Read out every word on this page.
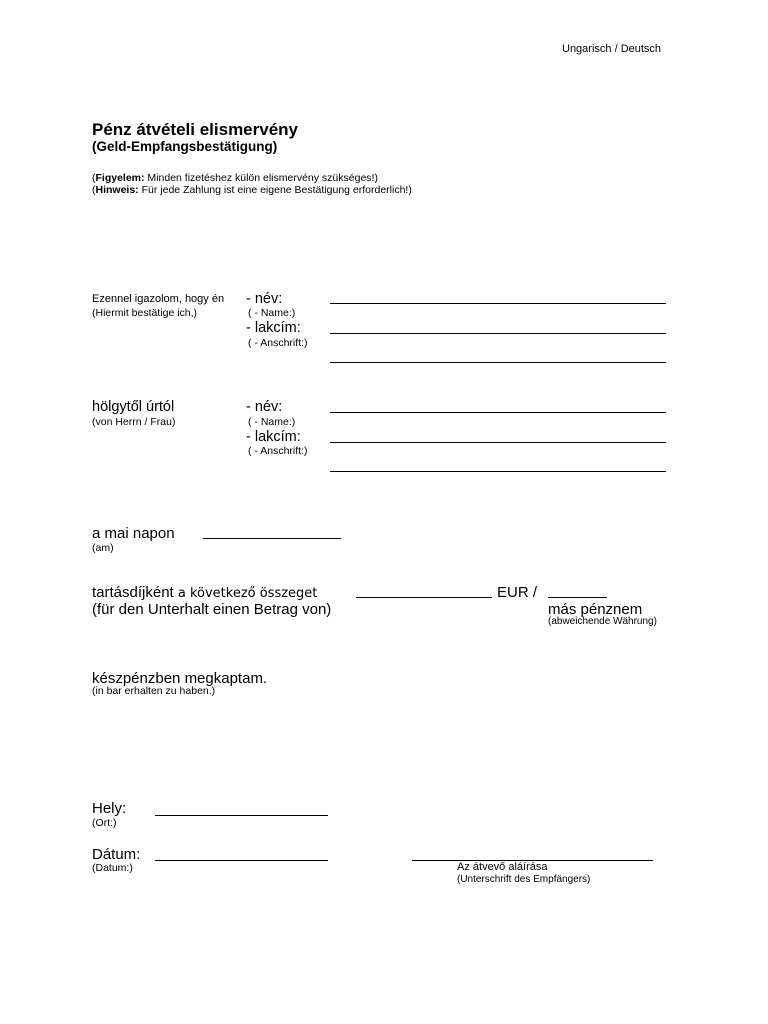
Ungarisch / Deutsch
Pénz átvételi elismervény
(Geld-Empfangsbestätigung)
(Figyelem: Minden fizetéshez külön elismervény szükséges!)
(Hinweis: Für jede Zahlung ist eine eigene Bestätigung erforderlich!)
Ezennel igazolom, hogy én
(Hiermit bestätige ich,)
- név:
( - Name:)
- lakcím:
( - Anschrift:)
hölgytől úrtól
(von Herrn / Frau)
- név:
( - Name:)
- lakcím:
( - Anschrift:)
a mai napon
(am)
tartásdíjként a következő összeget
(für den Unterhalt einen Betrag von)
EUR /
más pénznem
(abweichende Währung)
készpénzben megkaptam.
(in bar erhalten zu haben.)
Hely:
(Ort:)
Dátum:
(Datum:)	Az átvevő aláírása
(Unterschrift des Empfängers)
